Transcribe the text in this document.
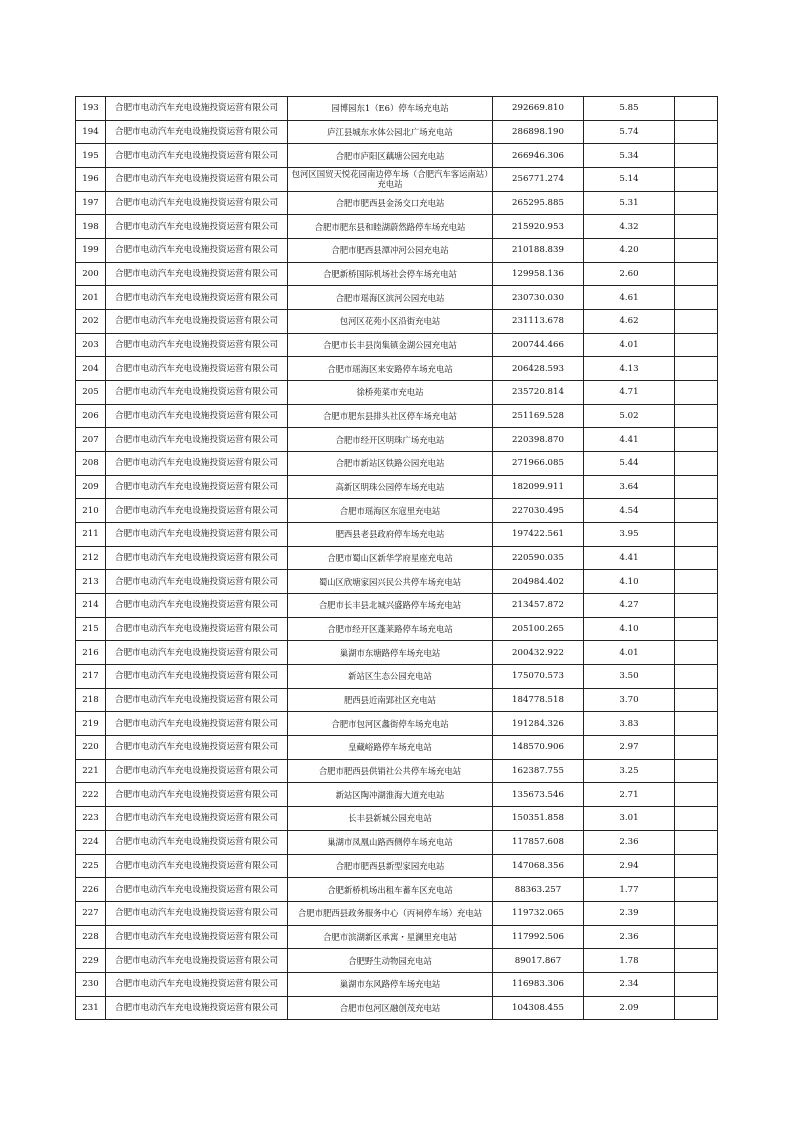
193	合肥市电动汽车充电设施投资运营有限公司	园博园东1（E6）停车场充电站	292669.810	5.85	
194	合肥市电动汽车充电设施投资运营有限公司	庐江县城东水体公园北广场充电站	286898.190	5.74	
195	合肥市电动汽车充电设施投资运营有限公司	合肥市庐阳区藕塘公园充电站	266946.306	5.34	
196	合肥市电动汽车充电设施投资运营有限公司	包河区国贸天悦花园南边停车场（合肥汽车客运南站）充电站	256771.274	5.14	
197	合肥市电动汽车充电设施投资运营有限公司	合肥市肥西县金汤交口充电站	265295.885	5.31	
198	合肥市电动汽车充电设施投资运营有限公司	合肥市肥东县和睦湖蔚然路停车场充电站	215920.953	4.32	
199	合肥市电动汽车充电设施投资运营有限公司	合肥市肥西县潭冲河公园充电站	210188.839	4.20	
200	合肥市电动汽车充电设施投资运营有限公司	合肥新桥国际机场社会停车场充电站	129958.136	2.60	
201	合肥市电动汽车充电设施投资运营有限公司	合肥市瑶海区滨河公园充电站	230730.030	4.61	
202	合肥市电动汽车充电设施投资运营有限公司	包河区花苑小区沿街充电站	231113.678	4.62	
203	合肥市电动汽车充电设施投资运营有限公司	合肥市长丰县岗集镇金湖公园充电站	200744.466	4.01	
204	合肥市电动汽车充电设施投资运营有限公司	合肥市瑶海区来安路停车场充电站	206428.593	4.13	
205	合肥市电动汽车充电设施投资运营有限公司	徐桥苑菜市充电站	235720.814	4.71	
206	合肥市电动汽车充电设施投资运营有限公司	合肥市肥东县排头社区停车场充电站	251169.528	5.02	
207	合肥市电动汽车充电设施投资运营有限公司	合肥市经开区明珠广场充电站	220398.870	4.41	
208	合肥市电动汽车充电设施投资运营有限公司	合肥市新站区铁路公园充电站	271966.085	5.44	
209	合肥市电动汽车充电设施投资运营有限公司	高新区明珠公园停车场充电站	182099.911	3.64	
210	合肥市电动汽车充电设施投资运营有限公司	合肥市瑶海区东寇里充电站	227030.495	4.54	
211	合肥市电动汽车充电设施投资运营有限公司	肥西县老县政府停车场充电站	197422.561	3.95	
212	合肥市电动汽车充电设施投资运营有限公司	合肥市蜀山区新华学府星座充电站	220590.035	4.41	
213	合肥市电动汽车充电设施投资运营有限公司	蜀山区欣塘家园兴民公共停车场充电站	204984.402	4.10	
214	合肥市电动汽车充电设施投资运营有限公司	合肥市长丰县北城兴盛路停车场充电站	213457.872	4.27	
215	合肥市电动汽车充电设施投资运营有限公司	合肥市经开区蓬莱路停车场充电站	205100.265	4.10	
216	合肥市电动汽车充电设施投资运营有限公司	巢湖市东塘路停车场充电站	200432.922	4.01	
217	合肥市电动汽车充电设施投资运营有限公司	新站区生态公园充电站	175070.573	3.50	
218	合肥市电动汽车充电设施投资运营有限公司	肥西县近南郢社区充电站	184778.518	3.70	
219	合肥市电动汽车充电设施投资运营有限公司	合肥市包河区蠡街停车场充电站	191284.326	3.83	
220	合肥市电动汽车充电设施投资运营有限公司	皇藏峪路停车场充电站	148570.906	2.97	
221	合肥市电动汽车充电设施投资运营有限公司	合肥市肥西县供销社公共停车场充电站	162387.755	3.25	
222	合肥市电动汽车充电设施投资运营有限公司	新站区陶冲湖淮海大道充电站	135673.546	2.71	
223	合肥市电动汽车充电设施投资运营有限公司	长丰县新城公园充电站	150351.858	3.01	
224	合肥市电动汽车充电设施投资运营有限公司	巢湖市凤凰山路西侧停车场充电站	117857.608	2.36	
225	合肥市电动汽车充电设施投资运营有限公司	合肥市肥西县新型家园充电站	147068.356	2.94	
226	合肥市电动汽车充电设施投资运营有限公司	合肥新桥机场出租车蓄车区充电站	88363.257	1.77	
227	合肥市电动汽车充电设施投资运营有限公司	合肥市肥西县政务服务中心（丙祠停车场）充电站	119732.065	2.39	
228	合肥市电动汽车充电设施投资运营有限公司	合肥市滨湖新区承寓・星澜里充电站	117992.506	2.36	
229	合肥市电动汽车充电设施投资运营有限公司	合肥野生动物园充电站	89017.867	1.78	
230	合肥市电动汽车充电设施投资运营有限公司	巢湖市东风路停车场充电站	116983.306	2.34	
231	合肥市电动汽车充电设施投资运营有限公司	合肥市包河区融创茂充电站	104308.455	2.09	
